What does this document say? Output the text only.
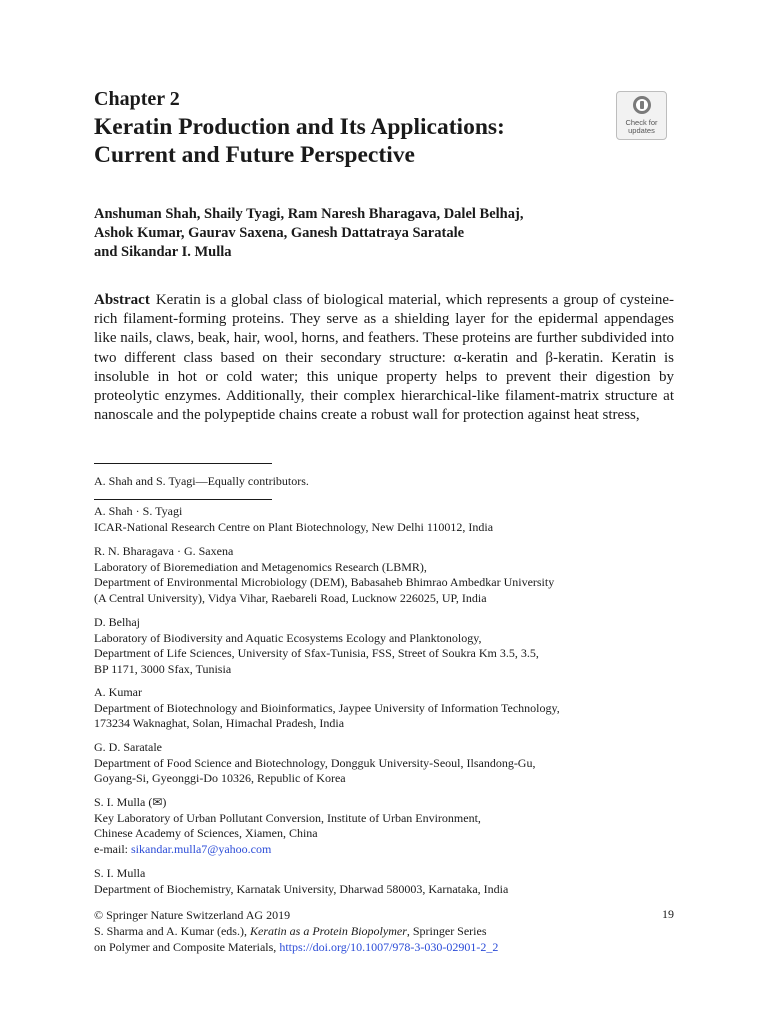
Chapter 2
Keratin Production and Its Applications:
Current and Future Perspective
Check for
updates
Anshuman Shah, Shaily Tyagi, Ram Naresh Bharagava, Dalel Belhaj,
Ashok Kumar, Gaurav Saxena, Ganesh Dattatraya Saratale
and Sikandar I. Mulla
Abstract Keratin is a global class of biological material, which represents a group of cysteine-rich filament-forming proteins. They serve as a shielding layer for the epidermal appendages like nails, claws, beak, hair, wool, horns, and feathers. These proteins are further subdivided into two different class based on their secondary structure: α-keratin and β-keratin. Keratin is insoluble in hot or cold water; this unique property helps to prevent their digestion by proteolytic enzymes. Additionally, their complex hierarchical-like filament-matrix structure at nanoscale and the polypeptide chains create a robust wall for protection against heat stress,
A. Shah and S. Tyagi—Equally contributors.
A. Shah · S. Tyagi
ICAR-National Research Centre on Plant Biotechnology, New Delhi 110012, India
R. N. Bharagava · G. Saxena
Laboratory of Bioremediation and Metagenomics Research (LBMR),
Department of Environmental Microbiology (DEM), Babasaheb Bhimrao Ambedkar University
(A Central University), Vidya Vihar, Raebareli Road, Lucknow 226025, UP, India
D. Belhaj
Laboratory of Biodiversity and Aquatic Ecosystems Ecology and Planktonology,
Department of Life Sciences, University of Sfax-Tunisia, FSS, Street of Soukra Km 3.5, 3.5,
BP 1171, 3000 Sfax, Tunisia
A. Kumar
Department of Biotechnology and Bioinformatics, Jaypee University of Information Technology,
173234 Waknaghat, Solan, Himachal Pradesh, India
G. D. Saratale
Department of Food Science and Biotechnology, Dongguk University-Seoul, Ilsandong-Gu,
Goyang-Si, Gyeonggi-Do 10326, Republic of Korea
S. I. Mulla (✉)
Key Laboratory of Urban Pollutant Conversion, Institute of Urban Environment,
Chinese Academy of Sciences, Xiamen, China
e-mail: sikandar.mulla7@yahoo.com
S. I. Mulla
Department of Biochemistry, Karnatak University, Dharwad 580003, Karnataka, India
© Springer Nature Switzerland AG 2019
S. Sharma and A. Kumar (eds.), Keratin as a Protein Biopolymer, Springer Series
on Polymer and Composite Materials, https://doi.org/10.1007/978-3-030-02901-2_2
19
